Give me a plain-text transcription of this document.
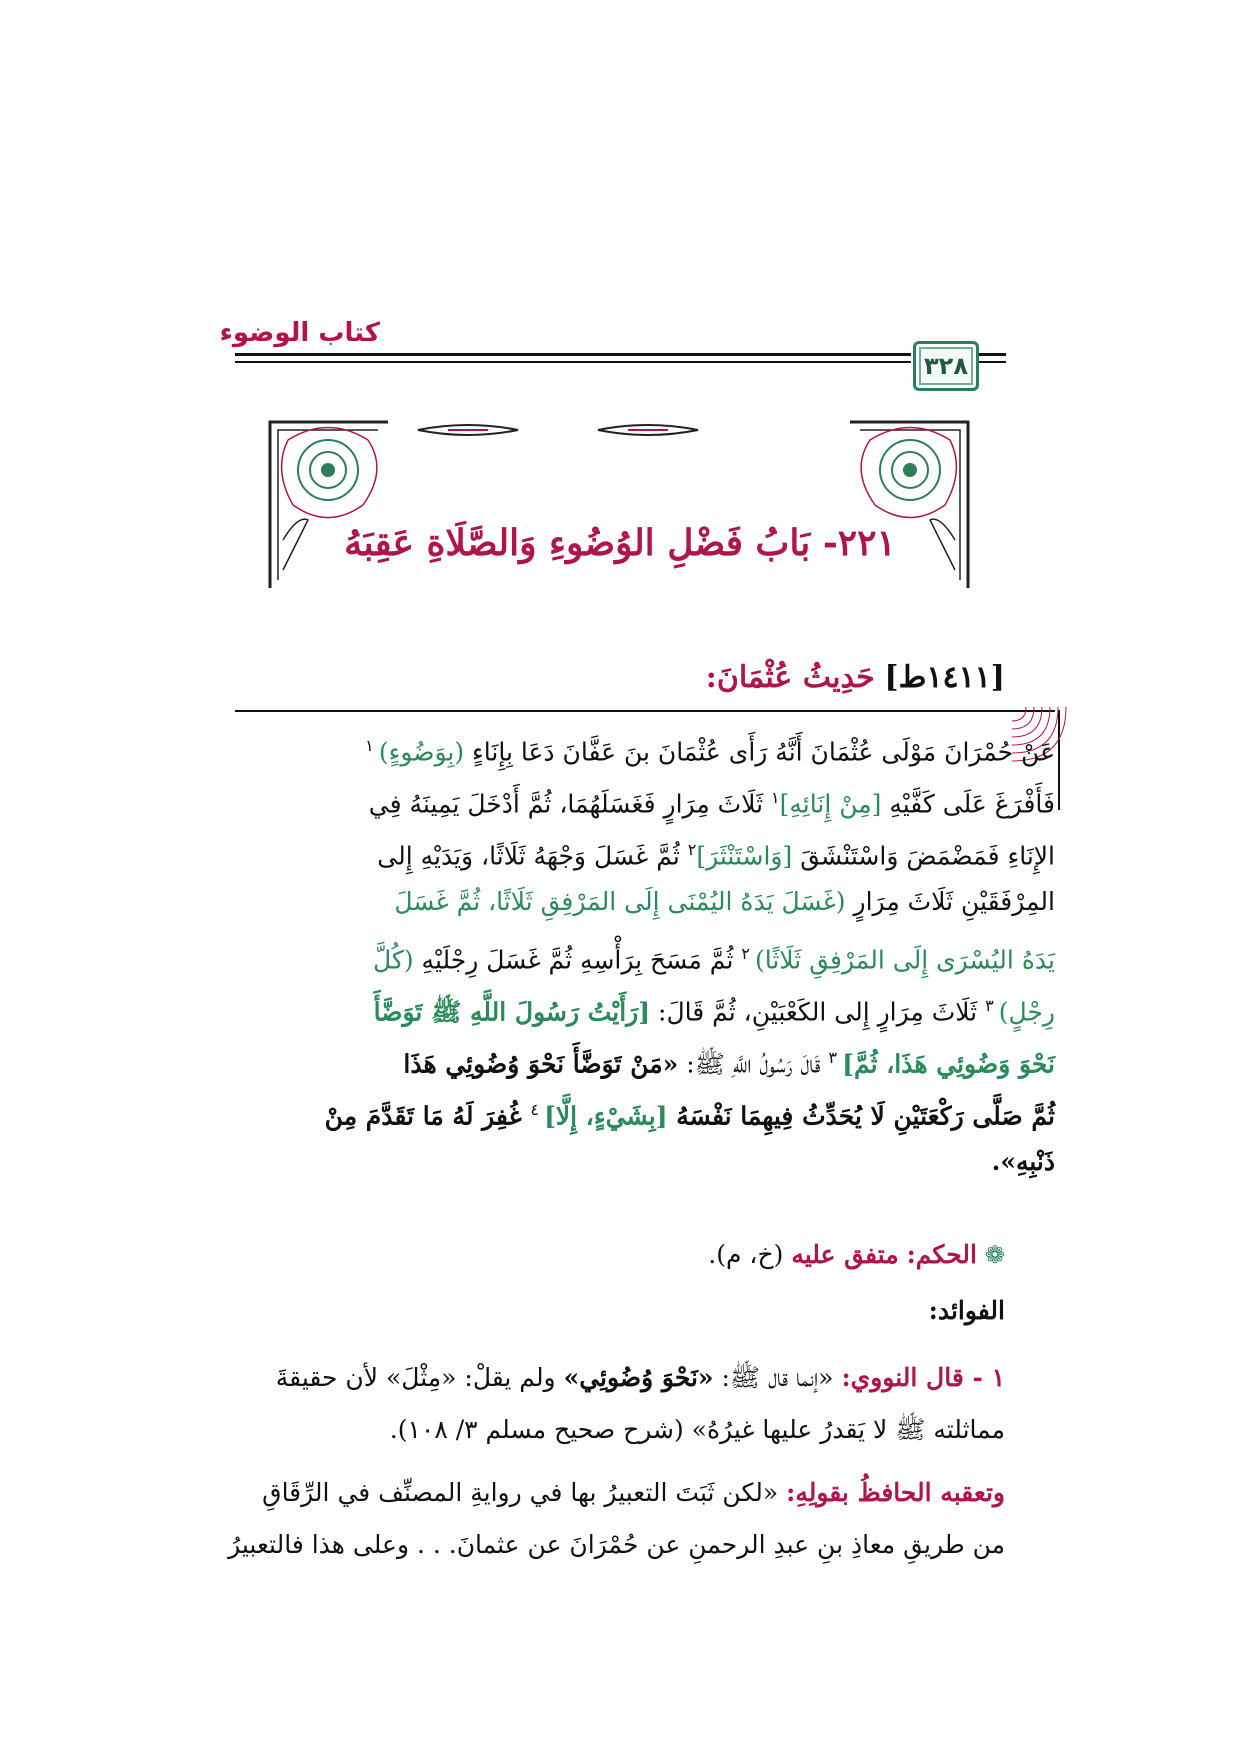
كتاب الوضوء
٣٢٨
٢٢١- بَابُ فَضْلِ الوُضُوءِ وَالصَّلَاةِ عَقِبَهُ
[١٤١١ط] حَدِيثُ عُثْمَانَ:
عَنْ حُمْرَانَ مَوْلَى عُثْمَانَ أَنَّهُ رَأَى عُثْمَانَ بنَ عَفَّانَ دَعَا بِإِنَاءٍ (بِوَضُوءٍ) $^١$
فَأَفْرَغَ عَلَى كَفَّيْهِ [مِنْ إِنَائِهِ]$^١$ ثَلَاثَ مِرَارٍ فَغَسَلَهُمَا، ثُمَّ أَدْخَلَ يَمِينَهُ فِي
الإِنَاءِ فَمَضْمَضَ وَاسْتَنْشَقَ [وَاسْتَنْثَرَ]$^٢$ ثُمَّ غَسَلَ وَجْهَهُ ثَلَاثًا، وَيَدَيْهِ إِلى
المِرْفَقَيْنِ ثَلَاثَ مِرَارٍ (غَسَلَ يَدَهُ اليُمْنَى إِلَى المَرْفِقِ ثَلَاثًا، ثُمَّ غَسَلَ
يَدَهُ اليُسْرَى إِلَى المَرْفِقِ ثَلَاثًا) $^٢$ ثُمَّ مَسَحَ بِرَأْسِهِ ثُمَّ غَسَلَ رِجْلَيْهِ (كُلَّ
رِجْلٍ) $^٣$ ثَلَاثَ مِرَارٍ إِلى الكَعْبَيْنِ، ثُمَّ قَالَ: [رَأَيْتُ رَسُولَ اللَّهِ ﷺ تَوَضَّأَ
نَحْوَ وَضُوئِي هَذَا، ثُمَّ] $^٣$ قَالَ رَسُولُ اللَّهِ ﷺ: «مَنْ تَوَضَّأَ نَحْوَ وُضُوئِي هَذَا
ثُمَّ صَلَّى رَكْعَتَيْنِ لَا يُحَدِّثُ فِيهِمَا نَفْسَهُ [بِشَيْءٍ، إِلَّا] $^٤$ غُفِرَ لَهُ مَا تَقَدَّمَ مِنْ
ذَنْبِهِ».
❁ الحكم: متفق عليه (خ، م).
الفوائد:
١ - قال النووي: «إنما قال ﷺ: «نَحْوَ وُضُوئِي» ولم يقلْ: «مِثْلَ» لأن حقيقةَ
مماثلته ﷺ لا يَقدرُ عليها غيرُهُ» (شرح صحيح مسلم ٣/ ١٠٨).
وتعقبه الحافظُ بقولِهِ: «لكن ثَبَتَ التعبيرُ بها في روايةِ المصنِّف في الرِّقَاقِ
من طريقِ معاذِ بنِ عبدِ الرحمنِ عن حُمْرَانَ عن عثمانَ. . . وعلى هذا فالتعبيرُ
